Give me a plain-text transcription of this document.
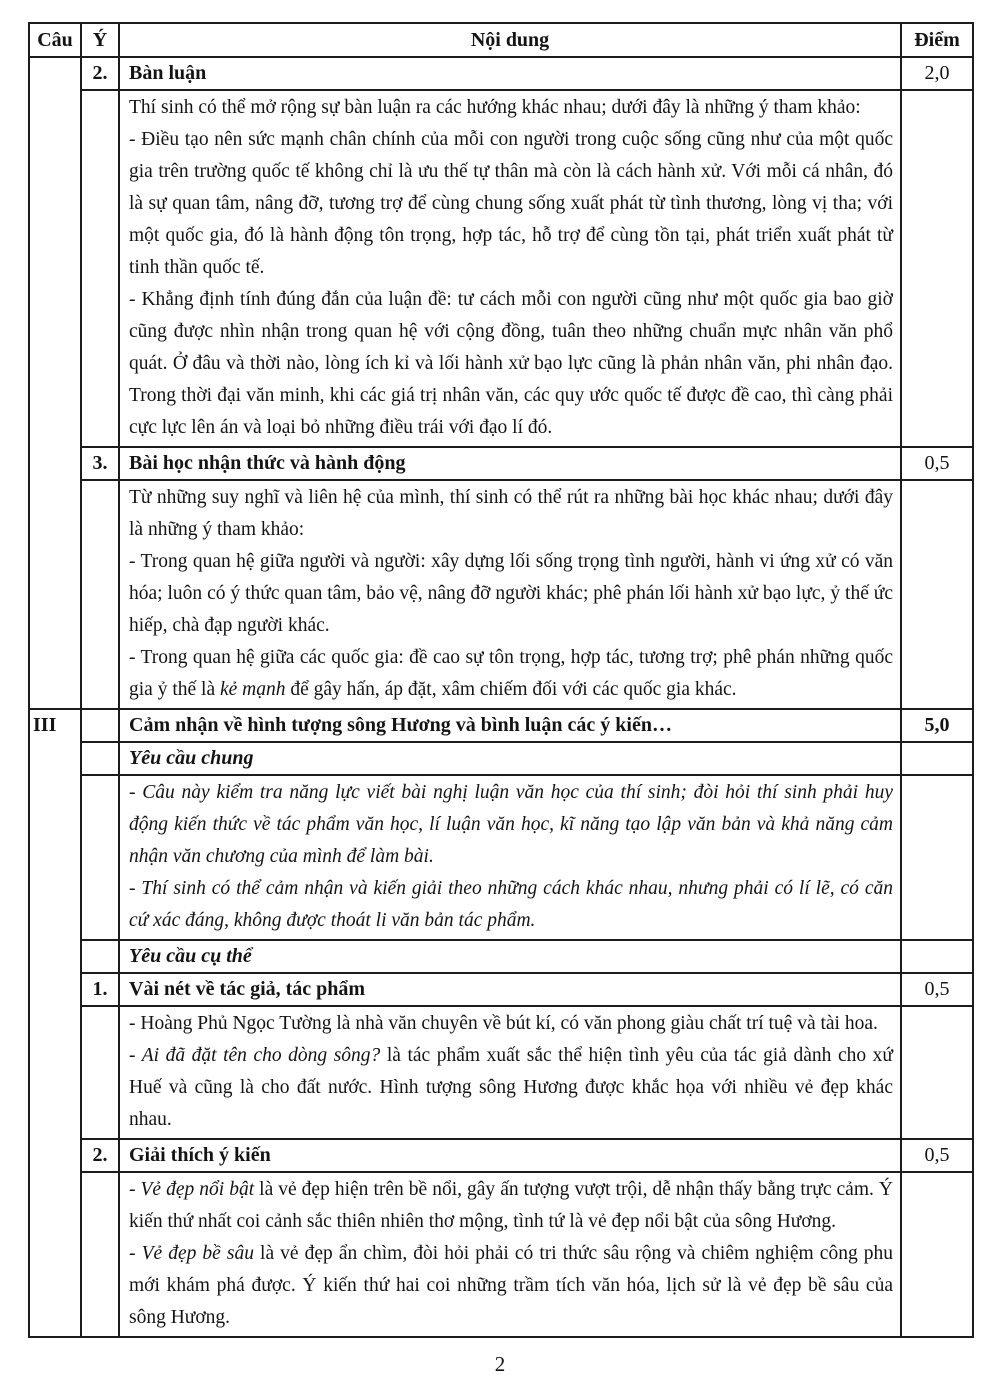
Câu	Ý	Nội dung	Điểm
	2.	Bàn luận	2,0

		Thí sinh có thể mở rộng sự bàn luận ra các hướng khác nhau; dưới đây là những ý tham khảo:

- Điều tạo nên sức mạnh chân chính của mỗi con người trong cuộc sống cũng như của một quốc gia trên trường quốc tế không chỉ là ưu thế tự thân mà còn là cách hành xử. Với mỗi cá nhân, đó là sự quan tâm, nâng đỡ, tương trợ để cùng chung sống xuất phát từ tình thương, lòng vị tha; với một quốc gia, đó là hành động tôn trọng, hợp tác, hỗ trợ để cùng tồn tại, phát triển xuất phát từ tinh thần quốc tế.

- Khẳng định tính đúng đắn của luận đề: tư cách mỗi con người cũng như một quốc gia bao giờ cũng được nhìn nhận trong quan hệ với cộng đồng, tuân theo những chuẩn mực nhân văn phổ quát. Ở đâu và thời nào, lòng ích kỉ và lối hành xử bạo lực cũng là phản nhân văn, phi nhân đạo. Trong thời đại văn minh, khi các giá trị nhân văn, các quy ước quốc tế được đề cao, thì càng phải cực lực lên án và loại bỏ những điều trái với đạo lí đó.	

	3.	Bài học nhận thức và hành động	0,5

		Từ những suy nghĩ và liên hệ của mình, thí sinh có thể rút ra những bài học khác nhau; dưới đây là những ý tham khảo:

- Trong quan hệ giữa người và người: xây dựng lối sống trọng tình người, hành vi ứng xử có văn hóa; luôn có ý thức quan tâm, bảo vệ, nâng đỡ người khác; phê phán lối hành xử bạo lực, ỷ thế ức hiếp, chà đạp người khác.

- Trong quan hệ giữa các quốc gia: đề cao sự tôn trọng, hợp tác, tương trợ; phê phán những quốc gia ỷ thế là kẻ mạnh để gây hấn, áp đặt, xâm chiếm đối với các quốc gia khác.	

III		Cảm nhận về hình tượng sông Hương và bình luận các ý kiến…	5,0
		Yêu cầu chung	

		- Câu này kiểm tra năng lực viết bài nghị luận văn học của thí sinh; đòi hỏi thí sinh phải huy động kiến thức về tác phẩm văn học, lí luận văn học, kĩ năng tạo lập văn bản và khả năng cảm nhận văn chương của mình để làm bài.

- Thí sinh có thể cảm nhận và kiến giải theo những cách khác nhau, nhưng phải có lí lẽ, có căn cứ xác đáng, không được thoát li văn bản tác phẩm.	

		Yêu cầu cụ thể	
	1.	Vài nét về tác giả, tác phẩm	0,5

		- Hoàng Phủ Ngọc Tường là nhà văn chuyên về bút kí, có văn phong giàu chất trí tuệ và tài hoa.

- Ai đã đặt tên cho dòng sông? là tác phẩm xuất sắc thể hiện tình yêu của tác giả dành cho xứ Huế và cũng là cho đất nước. Hình tượng sông Hương được khắc họa với nhiều vẻ đẹp khác nhau.	

	2.	Giải thích ý kiến	0,5

		- Vẻ đẹp nổi bật là vẻ đẹp hiện trên bề nổi, gây ấn tượng vượt trội, dễ nhận thấy bằng trực cảm. Ý kiến thứ nhất coi cảnh sắc thiên nhiên thơ mộng, tình tứ là vẻ đẹp nổi bật của sông Hương.

- Vẻ đẹp bề sâu là vẻ đẹp ẩn chìm, đòi hỏi phải có tri thức sâu rộng và chiêm nghiệm công phu mới khám phá được. Ý kiến thứ hai coi những trầm tích văn hóa, lịch sử là vẻ đẹp bề sâu của sông Hương.	

2
